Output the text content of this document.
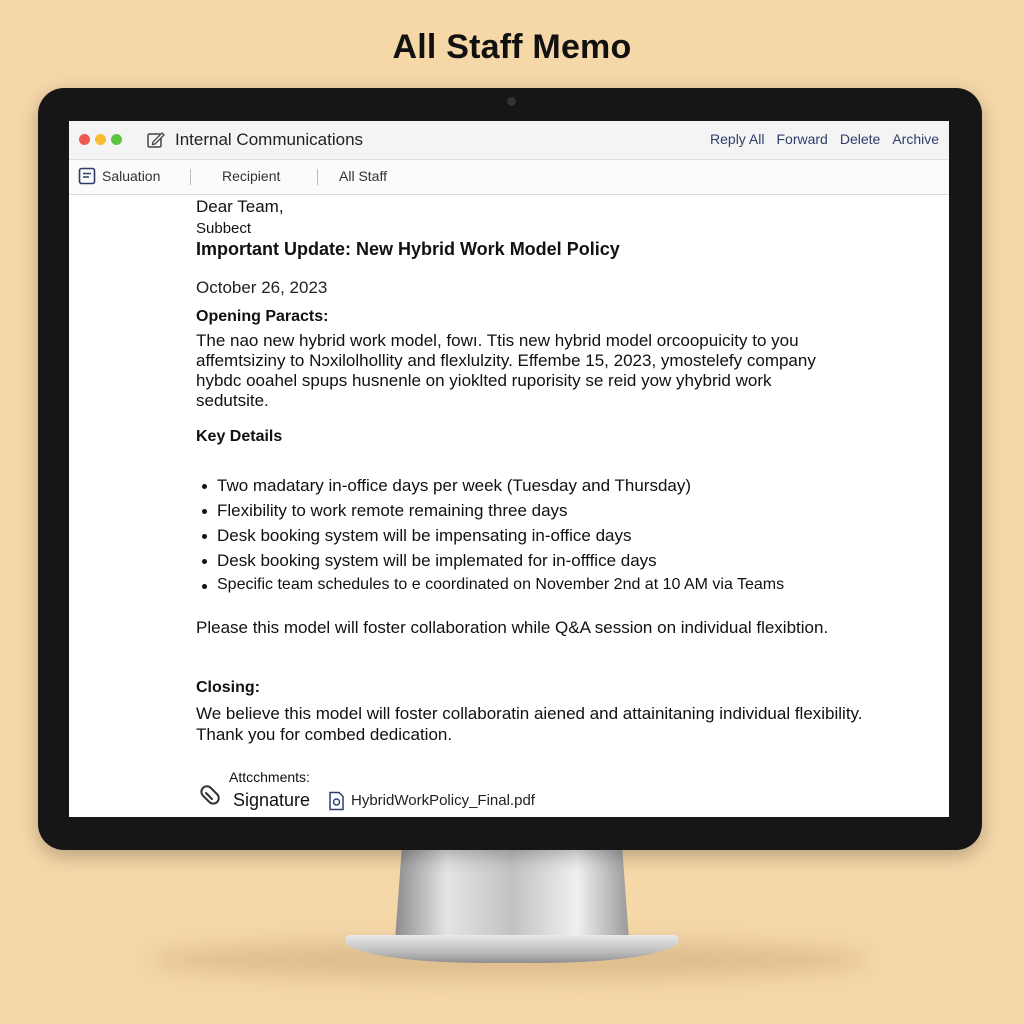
All Staff Memo
Internal Communications	Reply All Forward Delete Archive
Saluation	Recipient	All Staff
Dear Team,
Subbect
Important Update: New Hybrid Work Model Policy
October 26, 2023
Opening Paracts:
The nao new hybrid work model, fowı. Ttis new hybrid model orcoopuicity to you
affemtsiziny to Nɔxilolhollity and flexlulzity. Effembe 15, 2023, ymostelefy company
hybdc ooahel spups husnenle on yioklted ruporisity se reid yow yhybrid work
sedutsite.
Key Details
Two madatary in-office days per week (Tuesday and Thursday)
Flexibility to work remote remaining three days
Desk booking system will be impensating in-office days
Desk booking system will be implemated for in-offfice days
Specific team schedules to e coordinated on November 2nd at 10 AM via Teams
Please this model will foster collaboration while Q&A session on individual flexibtion.
Closing:
We believe this model will foster collaboratin aiened and attainitaning individual flexibility.
Thank you for combed dedication.
Attcchments:
Signature	HybridWorkPolicy_Final.pdf
